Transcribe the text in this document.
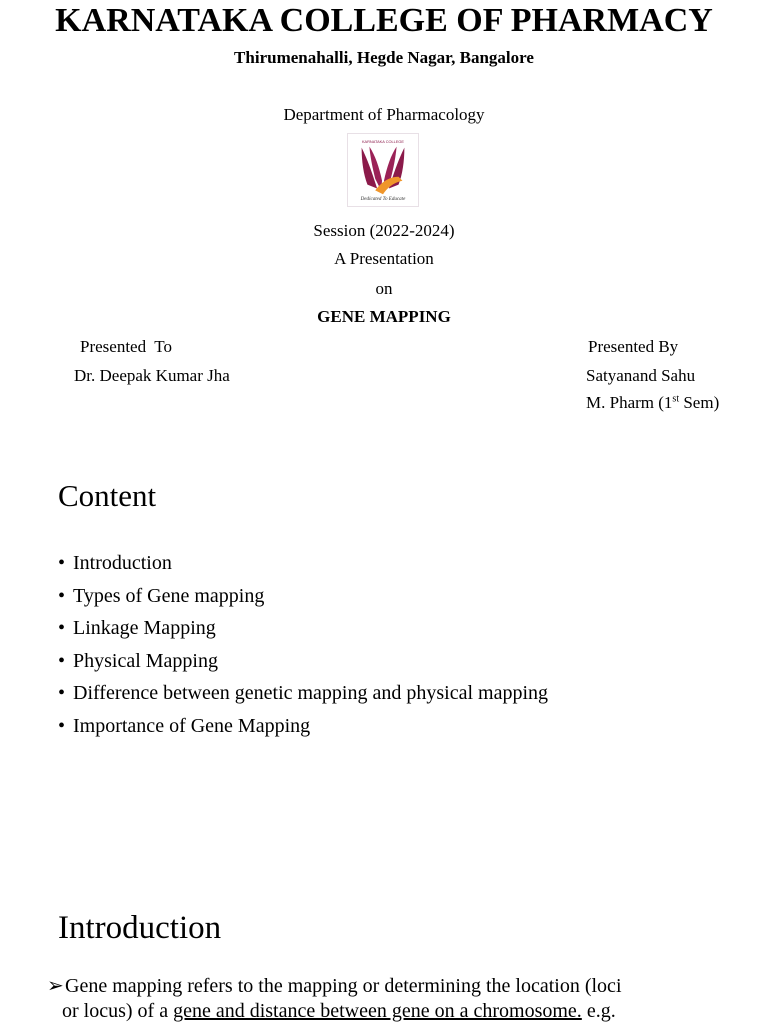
KARNATAKA COLLEGE OF PHARMACY
Thirumenahalli, Hegde Nagar, Bangalore
Department of Pharmacology
KARNATAKA COLLEGE
Dedicated To Educate
Session (2022-2024)
A Presentation
on
GENE MAPPING
Presented  To
Dr. Deepak Kumar Jha
Presented By
Satyanand Sahu
M. Pharm (1st Sem)
Content
• Introduction
• Types of Gene mapping
• Linkage Mapping
• Physical Mapping
• Difference between genetic mapping and physical mapping
• Importance of Gene Mapping
Introduction
➢Gene mapping refers to the mapping or determining the location (loci
or locus) of a gene and distance between gene on a chromosome. e.g.
